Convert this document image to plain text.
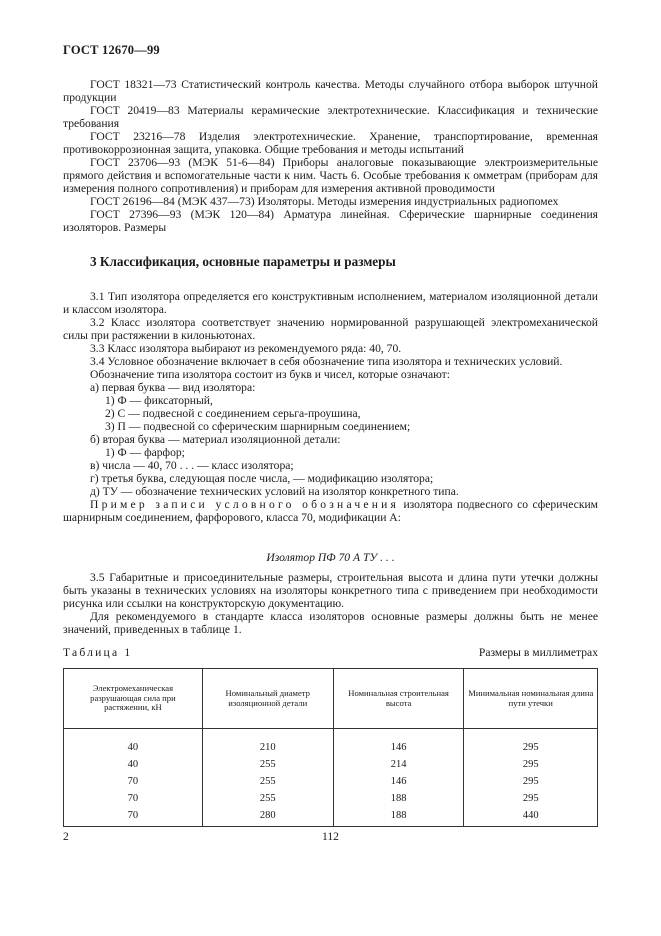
ГОСТ 12670—99

ГОСТ 18321—73 Статистический контроль качества. Методы случайного отбора выборок штучной продукции

ГОСТ 20419—83 Материалы керамические электротехнические. Классификация и технические требования

ГОСТ 23216—78 Изделия электротехнические. Хранение, транспортирование, временная противокоррозионная защита, упаковка. Общие требования и методы испытаний

ГОСТ 23706—93 (МЭК 51-6—84) Приборы аналоговые показывающие электроизмерительные прямого действия и вспомогательные части к ним. Часть 6. Особые требования к омметрам (приборам для измерения полного сопротивления) и приборам для измерения активной проводимости

ГОСТ 26196—84 (МЭК 437—73) Изоляторы. Методы измерения индустриальных радиопомех

ГОСТ 27396—93 (МЭК 120—84) Арматура линейная. Сферические шарнирные соединения изоляторов. Размеры

3 Классификация, основные параметры и размеры

3.1 Тип изолятора определяется его конструктивным исполнением, материалом изоляционной детали и классом изолятора.

3.2 Класс изолятора соответствует значению нормированной разрушающей электромеханической силы при растяжении в килоньютонах.

3.3 Класс изолятора выбирают из рекомендуемого ряда: 40, 70.

3.4 Условное обозначение включает в себя обозначение типа изолятора и технических условий.

Обозначение типа изолятора состоит из букв и чисел, которые означают:

а) первая буква — вид изолятора:

1) Ф — фиксаторный,

2) С — подвесной с соединением серьга-проушина,

3) П — подвесной со сферическим шарнирным соединением;

б) вторая буква — материал изоляционной детали:

1) Ф — фарфор;

в) числа — 40, 70 . . . — класс изолятора;

г) третья буква, следующая после числа, — модификацию изолятора;

д) ТУ — обозначение технических условий на изолятор конкретного типа.

Пример записи условного обозначения изолятора подвесного со сферическим шарнирным соединением, фарфорового, класса 70, модификации А:

Изолятор ПФ 70 А ТУ . . .

3.5 Габаритные и присоединительные размеры, строительная высота и длина пути утечки должны быть указаны в технических условиях на изоляторы конкретного типа с приведением при необходимости рисунка или ссылки на конструкторскую документацию.

Для рекомендуемого в стандарте класса изоляторов основные размеры должны быть не менее значений, приведенных в таблице 1.

Таблица 1	Размеры в миллиметрах
Электромеханическая разрушающая сила при растяжении, кН	Номинальный диаметр изоляционной детали	Номинальная строительная высота	Минимальная номинальная длина пути утечки
40	210	146	295
40	255	214	295
70	255	146	295
70	255	188	295
70	280	188	440
2	112
